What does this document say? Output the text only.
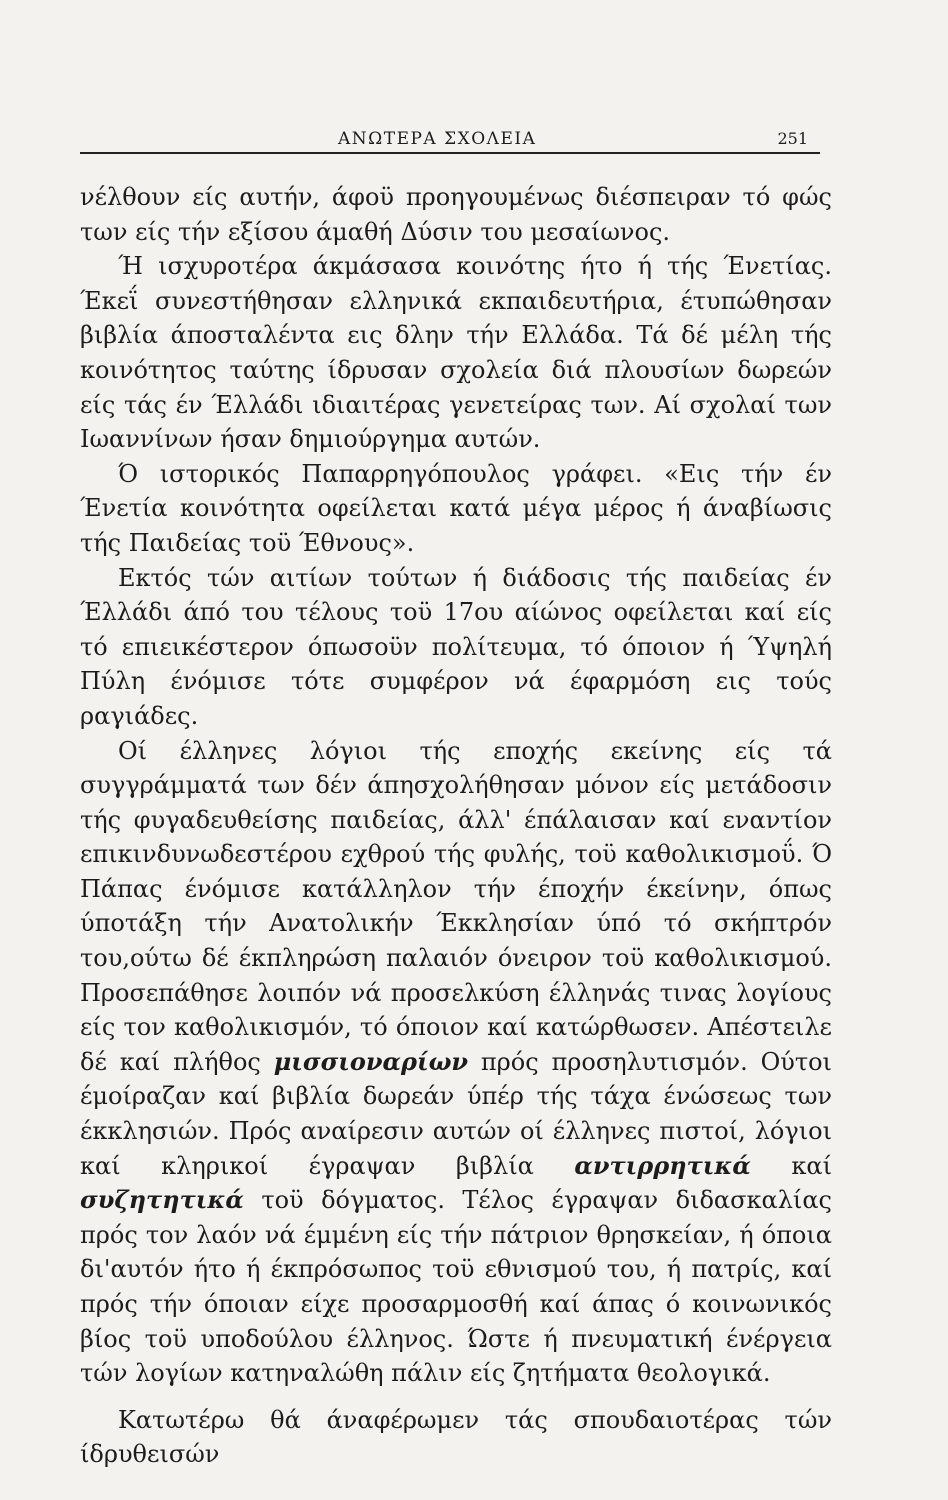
ΑΝΩΤΕΡΑ ΣΧΟΛΕΙΑ	251

νέλθουν είς αυτήν, άφοϋ προηγουμένως διέσπειραν τό φώς των είς τήν εξίσου άμαθή Δύσιν του μεσαίωνος.

Ή ισχυροτέρα άκμάσασα κοινότης ήτο ή τής Ένετίας. Έκεΐ συνεστήθησαν ελληνικά εκπαιδευτήρια, έτυπώθησαν βιβλία άποσταλέντα εις δλην τήν Ελλάδα. Τά δέ μέλη τής κοινότητος ταύτης ίδρυσαν σχολεία διά πλουσίων δωρεών είς τάς έν Έλλάδι ιδιαιτέρας γενετείρας των. Αί σχολαί των Ιωαννίνων ήσαν δημιούργημα αυτών.

Ό ιστορικός Παπαρρηγόπουλος γράφει. «Εις τήν έν Ένετία κοινότητα οφείλεται κατά μέγα μέρος ή άναβίωσις τής Παιδείας τοϋ Έθνους».

Εκτός τών αιτίων τούτων ή διάδοσις τής παιδείας έν Έλλάδι άπό του τέλους τοϋ 17ου αίώνος οφείλεται καί είς τό επιεικέστερον όπωσοϋν πολίτευμα, τό όποιον ή Ύψηλή Πύλη ένόμισε τότε συμφέρον νά έφαρμόση εις τούς ραγιάδες.

Οί έλληνες λόγιοι τής εποχής εκείνης είς τά συγγράμματά των δέν άπησχολήθησαν μόνον είς μετάδοσιν τής φυγαδευθείσης παιδείας, άλλ' έπάλαισαν καί εναντίον επικινδυνωδεστέρου εχθρού τής φυλής, τοϋ καθολικισμοΰ. Ό Πάπας ένόμισε κατάλληλον τήν έποχήν έκείνην, όπως ύποτάξη τήν Ανατολικήν Έκκλησίαν ύπό τό σκήπτρόν του,ούτω δέ έκπληρώση παλαιόν όνειρον τοϋ καθολικισμού. Προσεπάθησε λοιπόν νά προσελκύση έλληνάς τινας λογίους είς τον καθολικισμόν, τό όποιον καί κατώρθωσεν. Απέστειλε δέ καί πλήθος μισσιοναρίων πρός προσηλυτισμόν. Ούτοι έμοίραζαν καί βιβλία δωρεάν ύπέρ τής τάχα ένώσεως των έκκλησιών. Πρός αναίρεσιν αυτών οί έλληνες πιστοί, λόγιοι καί κληρικοί έγραψαν βιβλία αντιρρητικά καί συζητητικά τοϋ δόγματος. Τέλος έγραψαν διδασκαλίας πρός τον λαόν νά έμμένη είς τήν πάτριον θρησκείαν, ή όποια δι'αυτόν ήτο ή έκπρόσωπος τοϋ εθνισμού του, ή πατρίς, καί πρός τήν όποιαν είχε προσαρμοσθή καί άπας ό κοινωνικός βίος τοϋ υποδούλου έλληνος. Ώστε ή πνευματική ένέργεια τών λογίων κατηναλώθη πάλιν είς ζητήματα θεολογικά.

Κατωτέρω θά άναφέρωμεν τάς σπουδαιοτέρας τών ίδρυθεισών
